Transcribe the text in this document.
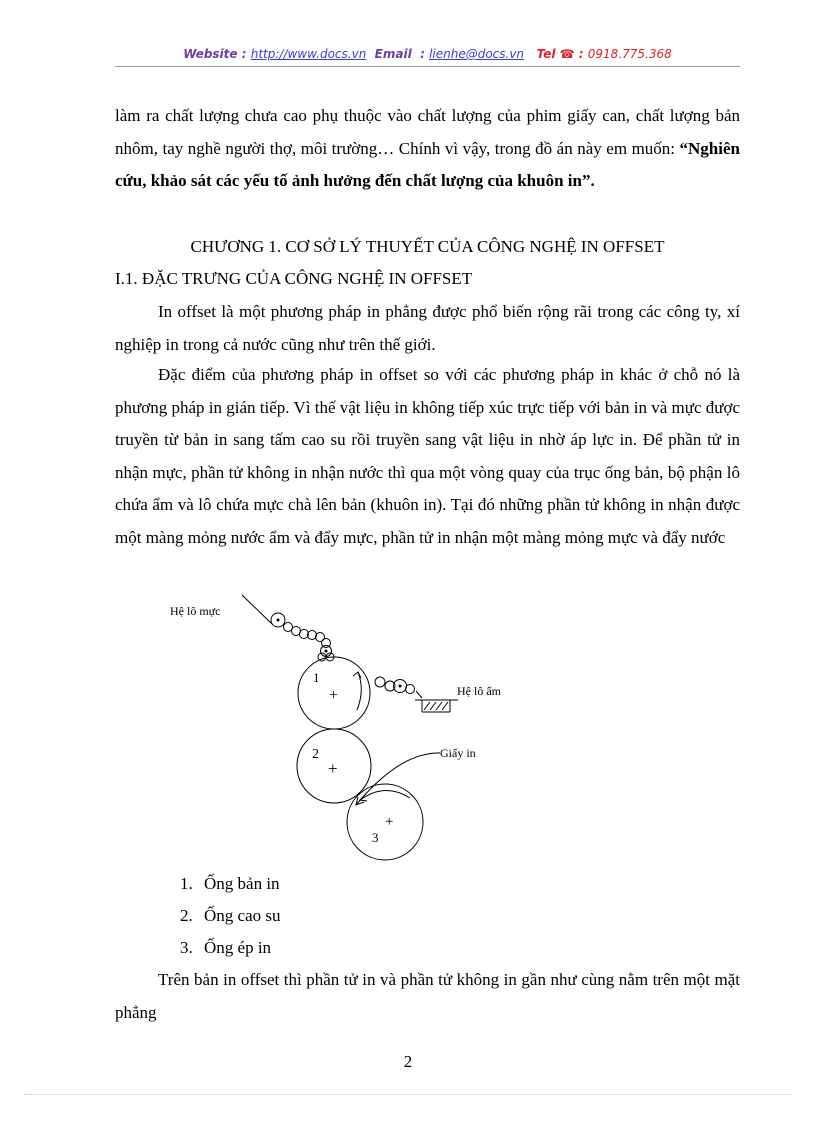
Website : http://www.docs.vn Email : lienhe@docs.vn Tel ☎ : 0918.775.368
làm ra chất lượng chưa cao phụ thuộc vào chất lượng của phim giấy can, chất lượng bản nhôm, tay nghề người thợ, môi trường… Chính vì vậy, trong đồ án này em muốn: “Nghiên cứu, khảo sát các yếu tố ảnh hưởng đến chất lượng của khuôn in”.
CHƯƠNG 1. CƠ SỞ LÝ THUYẾT CỦA CÔNG NGHỆ IN OFFSET
I.1. ĐẶC TRƯNG CỦA CÔNG NGHỆ IN OFFSET
In offset là một phương pháp in phẳng được phổ biến rộng rãi trong các công ty, xí nghiệp in trong cả nước cũng như trên thế giới.
Đặc điểm của phương pháp in offset so với các phương pháp in khác ở chỗ nó là phương pháp in gián tiếp. Vì thế vật liệu in không tiếp xúc trực tiếp với bản in và mực được truyền từ bản in sang tấm cao su rồi truyền sang vật liệu in nhờ áp lực in. Để phần tử in nhận mực, phần tử không in nhận nước thì qua một vòng quay của trục ống bản, bộ phận lô chứa ẩm và lô chứa mực chà lên bản (khuôn in). Tại đó những phần tử không in nhận được một màng mỏng nước ẩm và đẩy mực, phần tử in nhận một màng mỏng mực và đẩy nước
Hệ lô mực
Hệ lô ẩm
Giấy in
1
+
2
+
3
+
1. Ống bản in
2. Ống cao su
3. Ống ép in
Trên bản in offset thì phần tử in và phần tử không in gần như cùng nằm trên một mặt phẳng
2
